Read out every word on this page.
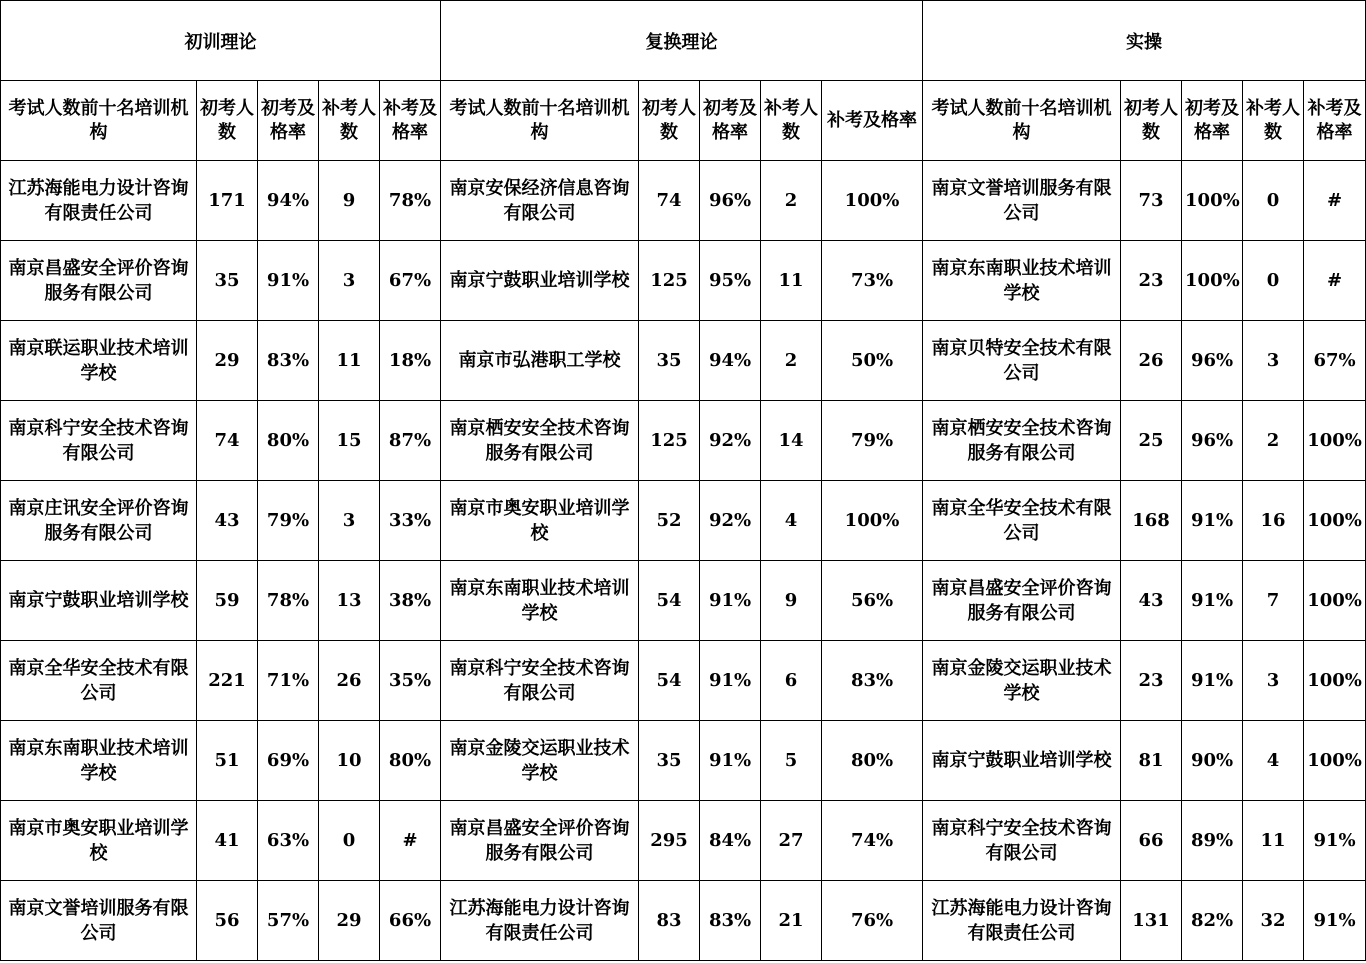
初训理论					复换理论					实操				
考试人数前十名培训机构	初考人数	初考及格率	补考人数	补考及格率	考试人数前十名培训机构	初考人数	初考及格率	补考人数	补考及格率	考试人数前十名培训机构	初考人数	初考及格率	补考人数	补考及格率
江苏海能电力设计咨询有限责任公司	171	94%	9	78%	南京安保经济信息咨询有限公司	74	96%	2	100%	南京文誉培训服务有限公司	73	100%	0	#
南京昌盛安全评价咨询服务有限公司	35	91%	3	67%	南京宁鼓职业培训学校	125	95%	11	73%	南京东南职业技术培训学校	23	100%	0	#
南京联运职业技术培训学校	29	83%	11	18%	南京市弘港职工学校	35	94%	2	50%	南京贝特安全技术有限公司	26	96%	3	67%
南京科宁安全技术咨询有限公司	74	80%	15	87%	南京栖安安全技术咨询服务有限公司	125	92%	14	79%	南京栖安安全技术咨询服务有限公司	25	96%	2	100%
南京庄讯安全评价咨询服务有限公司	43	79%	3	33%	南京市奥安职业培训学校	52	92%	4	100%	南京全华安全技术有限公司	168	91%	16	100%
南京宁鼓职业培训学校	59	78%	13	38%	南京东南职业技术培训学校	54	91%	9	56%	南京昌盛安全评价咨询服务有限公司	43	91%	7	100%
南京全华安全技术有限公司	221	71%	26	35%	南京科宁安全技术咨询有限公司	54	91%	6	83%	南京金陵交运职业技术学校	23	91%	3	100%
南京东南职业技术培训学校	51	69%	10	80%	南京金陵交运职业技术学校	35	91%	5	80%	南京宁鼓职业培训学校	81	90%	4	100%
南京市奥安职业培训学校	41	63%	0	#	南京昌盛安全评价咨询服务有限公司	295	84%	27	74%	南京科宁安全技术咨询有限公司	66	89%	11	91%
南京文誉培训服务有限公司	56	57%	29	66%	江苏海能电力设计咨询有限责任公司	83	83%	21	76%	江苏海能电力设计咨询有限责任公司	131	82%	32	91%
